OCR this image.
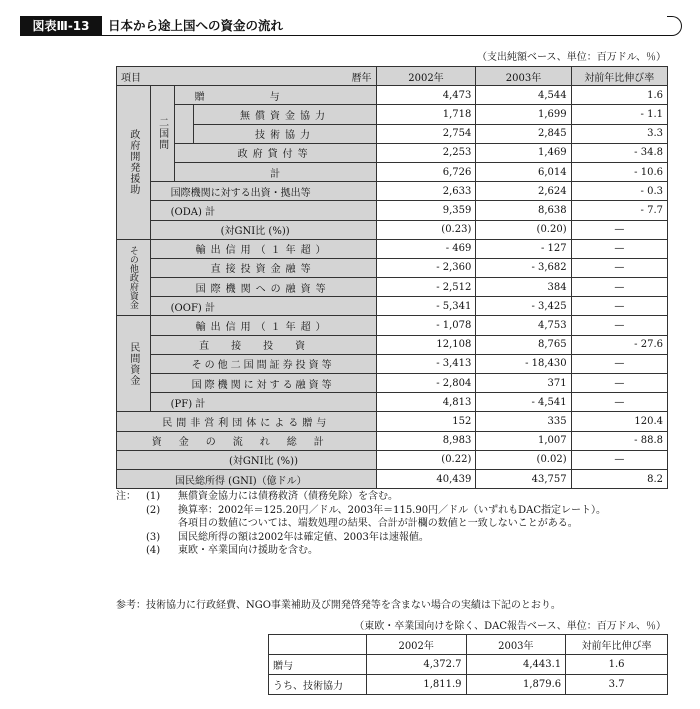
図表Ⅲ-13	日本から途上国への資金の流れ
（支出純額ベース、単位：百万ドル、％）
項目 暦年				2002年	2003年	対前年比伸び率
政府開発援助	二国間	贈　　　　与		4,473	4,544	1.6
			無償資金協力	1,718	1,699	- 1.1
			技術協力	2,754	2,845	3.3
		政府貸付等		2,253	1,469	- 34.8
		計		6,726	6,014	- 10.6
	国際機関に対する出資・拠出等			2,633	2,624	- 0.3
	(ODA) 計			9,359	8,638	- 7.7
	(対GNI比 (%))			(0.23)	(0.20)	—
その他政府資金	輸出信用（１年超）			- 469	- 127	—
	直接投資金融等			- 2,360	- 3,682	—
	国際機関への融資等			- 2,512	384	—
	(OOF) 計			- 5,341	- 3,425	—
民間資金	輸出信用（１年超）			- 1,078	4,753	—
	直接投資			12,108	8,765	- 27.6
	その他二国間証券投資等			- 3,413	- 18,430	—
	国際機関に対する融資等			- 2,804	371	—
	(PF) 計			4,813	- 4,541	—
民間非営利団体による贈与				152	335	120.4
資金の流れ総計				8,983	1,007	- 88.8
(対GNI比 (%))				(0.22)	(0.02)	—
国民総所得 (GNI)（億ドル）				40,439	43,757	8.2
注：	(1)	無償資金協力には債務救済（債務免除）を含む。
(2)	換算率：2002年＝125.20円／ドル、2003年＝115.90円／ドル（いずれもDAC指定レート）。
各項目の数値については、端数処理の結果、合計が計欄の数値と一致しないことがある。
(3)	国民総所得の額は2002年は確定値、2003年は速報値。
(4)	東欧・卒業国向け援助を含む。
参考：技術協力に行政経費、NGO事業補助及び開発啓発等を含まない場合の実績は下記のとおり。
（東欧・卒業国向けを除く、DAC報告ベース、単位：百万ドル、％）
	2002年	2003年	対前年比伸び率
贈与	4,372.7	4,443.1	1.6
うち、技術協力	1,811.9	1,879.6	3.7
